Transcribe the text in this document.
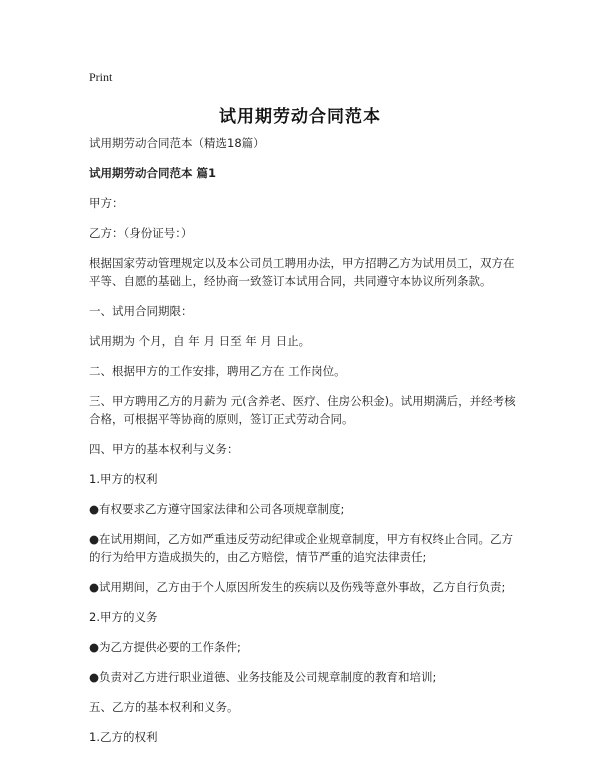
Print
试用期劳动合同范本

试用期劳动合同范本（精选18篇）

试用期劳动合同范本 篇1

甲方：

乙方：（身份证号：）

根据国家劳动管理规定以及本公司员工聘用办法，甲方招聘乙方为试用员工，双方在平等、自愿的基础上，经协商一致签订本试用合同，共同遵守本协议所列条款。

一、试用合同期限：

试用期为 个月，自 年 月 日至 年 月 日止。

二、根据甲方的工作安排，聘用乙方在 工作岗位。

三、甲方聘用乙方的月薪为 元(含养老、医疗、住房公积金)。试用期满后，并经考核合格，可根据平等协商的原则，签订正式劳动合同。

四、甲方的基本权利与义务：

1.甲方的权利

●有权要求乙方遵守国家法律和公司各项规章制度;

●在试用期间，乙方如严重违反劳动纪律或企业规章制度，甲方有权终止合同。乙方的行为给甲方造成损失的，由乙方赔偿，情节严重的追究法律责任;

●试用期间，乙方由于个人原因所发生的疾病以及伤残等意外事故，乙方自行负责;

2.甲方的义务

●为乙方提供必要的工作条件;

●负责对乙方进行职业道德、业务技能及公司规章制度的教育和培训;

五、乙方的基本权利和义务。

1.乙方的权利
